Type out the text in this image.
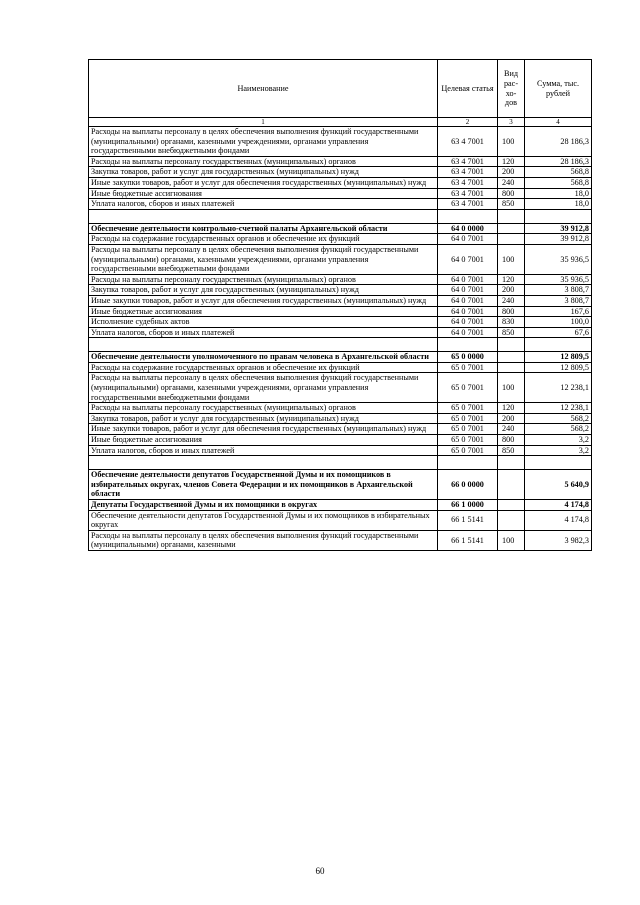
Наименование	Целевая статья	Вид рас-хо-дов	Сумма, тыс. рублей
1	2	3	4
Расходы на выплаты персоналу в целях обеспечения выполнения функций государственными (муниципальными) органами, казенными учреждениями, органами управления государственными внебюджетными фондами	63 4 7001	100	28 186,3
Расходы на выплаты персоналу государственных (муниципальных) органов	63 4 7001	120	28 186,3
Закупка товаров, работ и услуг для государственных (муниципальных) нужд	63 4 7001	200	568,8
Иные закупки товаров, работ и услуг для обеспечения государственных (муниципальных) нужд	63 4 7001	240	568,8
Иные бюджетные ассигнования	63 4 7001	800	18,0
Уплата налогов, сборов и иных платежей	63 4 7001	850	18,0

Обеспечение деятельности контрольно-счетной палаты Архангельской области	64 0 0000		39 912,8
Расходы на содержание государственных органов и обеспечение их функций	64 0 7001		39 912,8
Расходы на выплаты персоналу в целях обеспечения выполнения функций государственными (муниципальными) органами, казенными учреждениями, органами управления государственными внебюджетными фондами	64 0 7001	100	35 936,5
Расходы на выплаты персоналу государственных (муниципальных) органов	64 0 7001	120	35 936,5
Закупка товаров, работ и услуг для государственных (муниципальных) нужд	64 0 7001	200	3 808,7
Иные закупки товаров, работ и услуг для обеспечения государственных (муниципальных) нужд	64 0 7001	240	3 808,7
Иные бюджетные ассигнования	64 0 7001	800	167,6
Исполнение судебных актов	64 0 7001	830	100,0
Уплата налогов, сборов и иных платежей	64 0 7001	850	67,6

Обеспечение деятельности уполномоченного по правам человека в Архангельской области	65 0 0000		12 809,5
Расходы на содержание государственных органов и обеспечение их функций	65 0 7001		12 809,5
Расходы на выплаты персоналу в целях обеспечения выполнения функций государственными (муниципальными) органами, казенными учреждениями, органами управления государственными внебюджетными фондами	65 0 7001	100	12 238,1
Расходы на выплаты персоналу государственных (муниципальных) органов	65 0 7001	120	12 238,1
Закупка товаров, работ и услуг для государственных (муниципальных) нужд	65 0 7001	200	568,2
Иные закупки товаров, работ и услуг для обеспечения государственных (муниципальных) нужд	65 0 7001	240	568,2
Иные бюджетные ассигнования	65 0 7001	800	3,2
Уплата налогов, сборов и иных платежей	65 0 7001	850	3,2

Обеспечение деятельности депутатов Государственной Думы и их помощников в избирательных округах, членов Совета Федерации и их помощников в Архангельской области	66 0 0000		5 640,9
Депутаты Государственной Думы и их помощники в округах	66 1 0000		4 174,8
Обеспечение деятельности депутатов Государственной Думы и их помощников в избирательных округах	66 1 5141		4 174,8
Расходы на выплаты персоналу в целях обеспечения выполнения функций государственными (муниципальными) органами, казенными	66 1 5141	100	3 982,3
60
